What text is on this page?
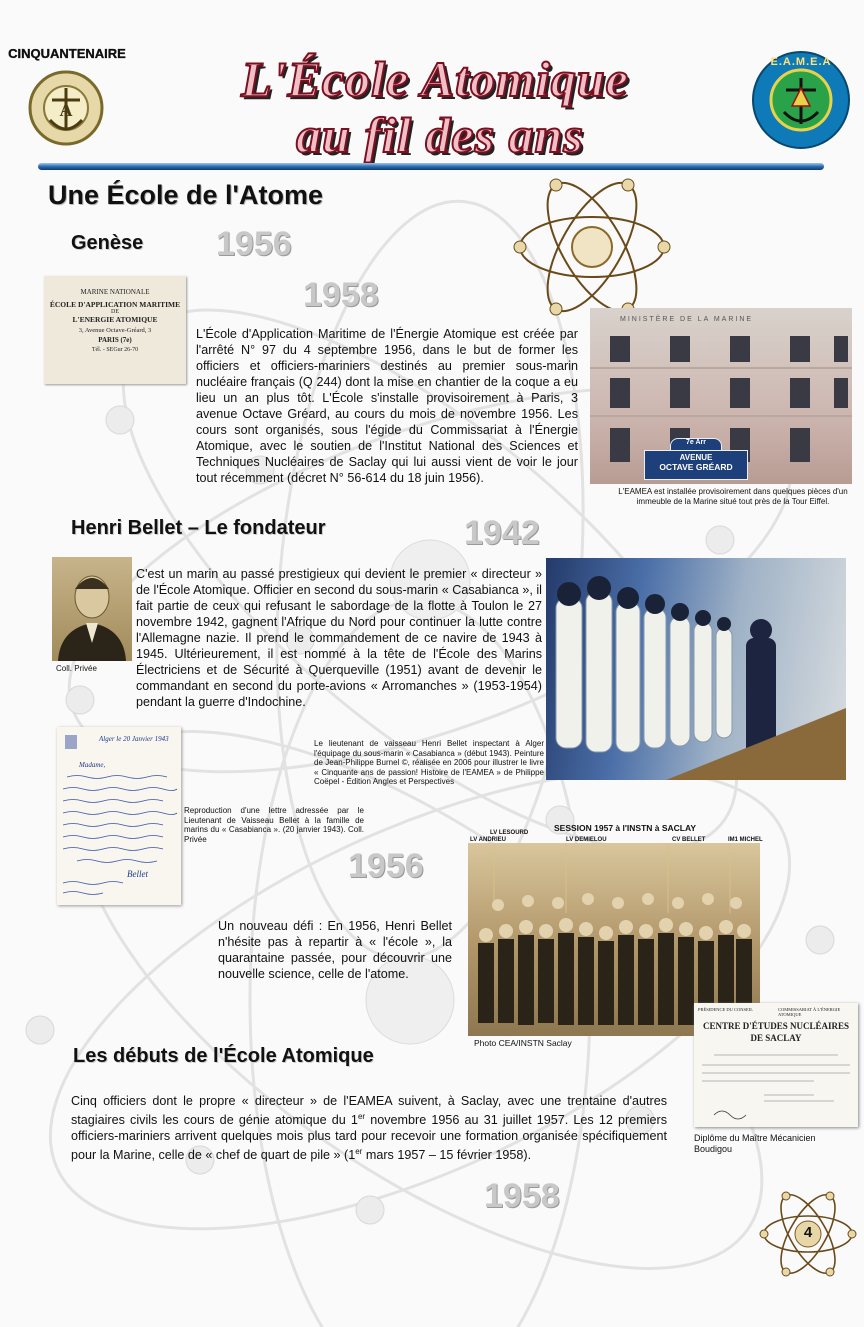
CINQUANTENAIRE
A
L'École Atomique
au fil des ans
E.A.M.E.A
Une École de l'Atome
Genèse 1956
1958
MARINE NATIONALE
ÉCOLE D'APPLICATION MARITIME
DE
L'ENERGIE ATOMIQUE
3, Avenue Octave-Gréard, 3
PARIS (7e)
Tél. - SEGur 26-70
L'École d'Application Maritime de l'Énergie Atomique est créée par l'arrêté N° 97 du 4 septembre 1956, dans le but de former les officiers et officiers-mariniers destinés au premier sous-marin nucléaire français (Q 244) dont la mise en chantier de la coque a eu lieu un an plus tôt. L'École s'installe provisoirement à Paris, 3 avenue Octave Gréard, au cours du mois de novembre 1956. Les cours sont organisés, sous l'égide du Commissariat à l'Énergie Atomique, avec le soutien de l'Institut National des Sciences et Techniques Nucléaires de Saclay qui lui aussi vient de voir le jour tout récemment (décret N° 56-614 du 18 juin 1956).
MINISTÈRE DE LA MARINE
7e Arr
AVENUE
OCTAVE GRÉARD
L'EAMEA est installée provisoirement dans quelques pièces d'un immeuble de la Marine situé tout près de la Tour Eiffel.
Henri Bellet – Le fondateur	1942
Coll. Privée
C'est un marin au passé prestigieux qui devient le premier « directeur » de l'École Atomique. Officier en second du sous-marin « Casabianca », il fait partie de ceux qui refusant le sabordage de la flotte à Toulon le 27 novembre 1942, gagnent l'Afrique du Nord pour continuer la lutte contre l'Allemagne nazie. Il prend le commandement de ce navire de 1943 à 1945. Ultérieurement, il est nommé à la tête de l'École des Marins Électriciens et de Sécurité à Querqueville (1951) avant de devenir le commandant en second du porte-avions « Arromanches » (1953-1954) pendant la guerre d'Indochine.
Le lieutenant de vaisseau Henri Bellet inspectant à Alger l'équipage du sous-marin « Casabianca » (début 1943). Peinture de Jean-Philippe Burnel ©, réalisée en 2006 pour illustrer le livre « Cinquante ans de passion! Histoire de l'EAMEA » de Philippe Coëpel - Édition Angles et Perspectives
Alger le 20 Janvier 1943
Madame,
Bellet
Reproduction d'une lettre adressée par le Lieutenant de Vaisseau Bellet à la famille de marins du « Casabianca ». (20 janvier 1943). Coll. Privée
1956
Un nouveau défi : En 1956, Henri Bellet n'hésite pas à repartir à « l'école », la quarantaine passée, pour découvrir une nouvelle science, celle de l'atome.
SESSION 1957 à l'INSTN à SACLAY
LV LESOURD
LV ANDRIEU	LV DEMIELOU	CV BELLET	IM1 MICHEL
Photo CEA/INSTN Saclay
Les débuts de l'École Atomique
Cinq officiers dont le propre « directeur » de l'EAMEA suivent, à Saclay, avec une trentaine d'autres stagiaires civils les cours de génie atomique du 1er novembre 1956 au 31 juillet 1957. Les 12 premiers officiers-mariniers arrivent quelques mois plus tard pour recevoir une formation organisée spécifiquement pour la Marine, celle de « chef de quart de pile » (1er mars 1957 – 15 février 1958).
PRÉSIDENCE DU CONSEIL	COMMISSARIAT À L'ÉNERGIE ATOMIQUE
CENTRE D'ÉTUDES NUCLÉAIRES
DE SACLAY
Diplôme du Maître Mécanicien Boudigou
1958
4
